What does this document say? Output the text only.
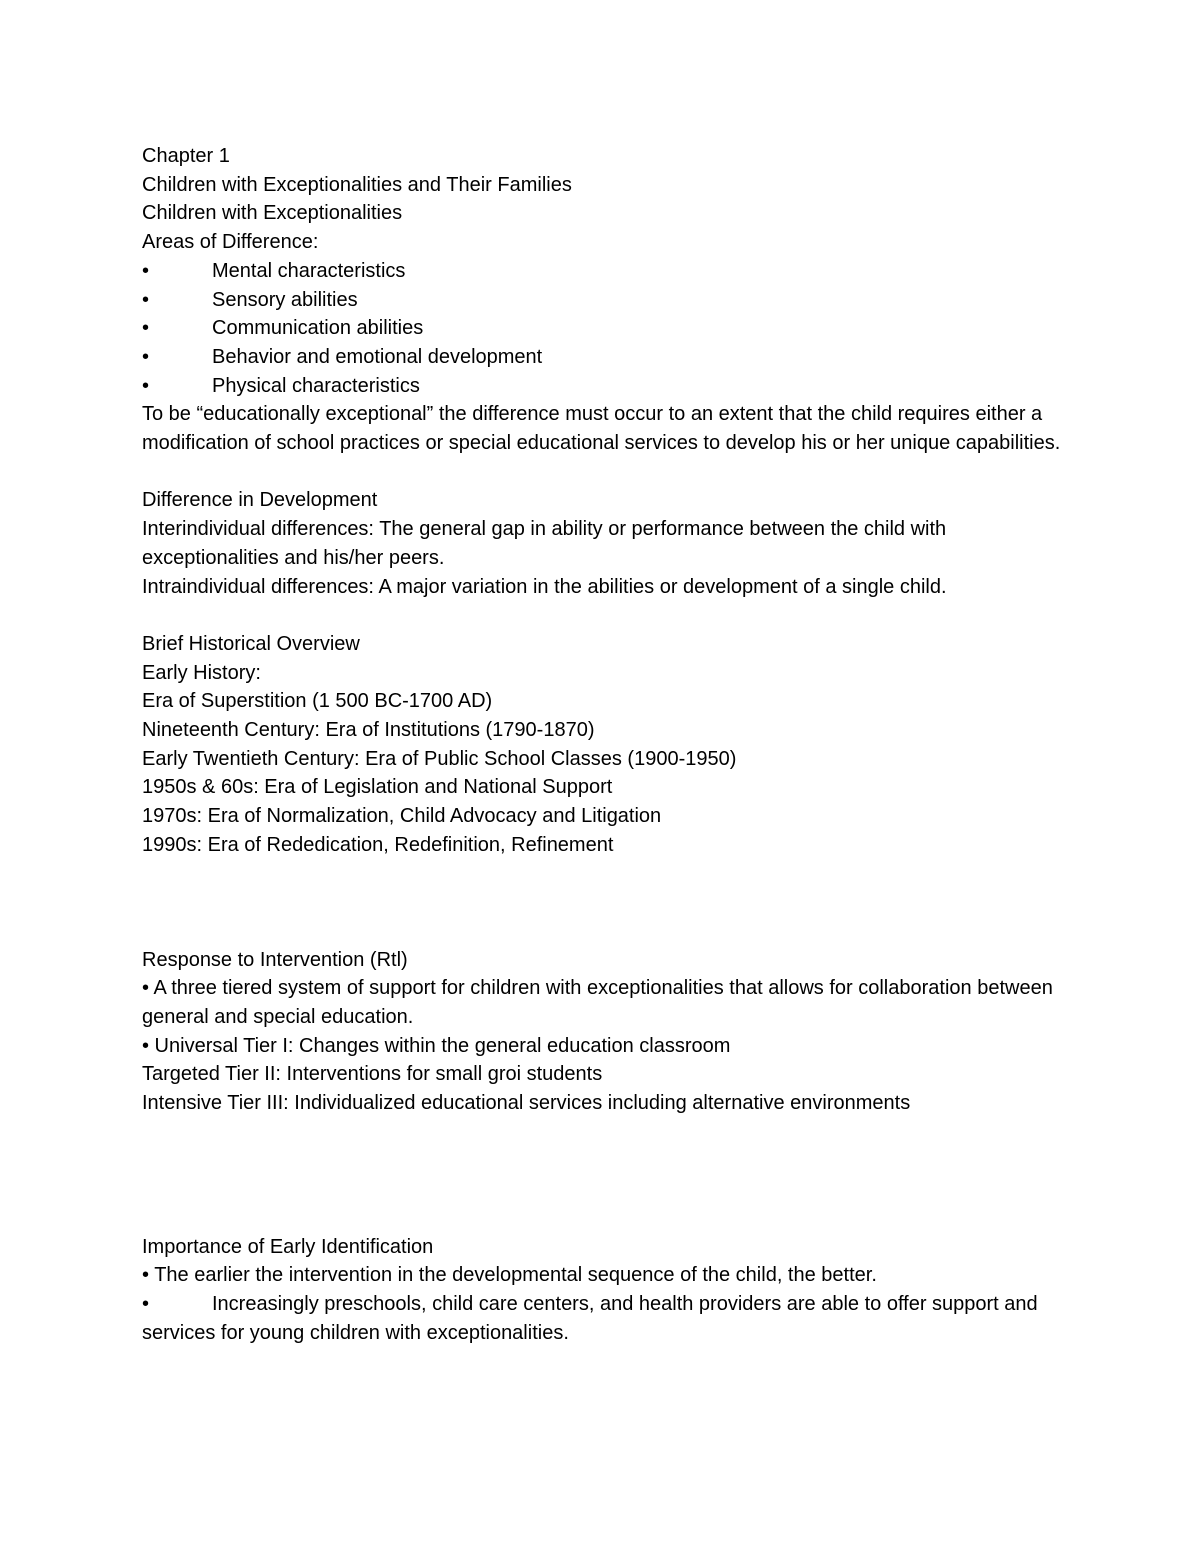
Chapter 1

Children with Exceptionalities and Their Families

Children with Exceptionalities

Areas of Difference:

•	Mental characteristics

•	Sensory abilities

•	Communication abilities

•	Behavior and emotional development

•	Physical characteristics

To be “educationally exceptional” the difference must occur to an extent that the child requires either a modification of school practices or special educational services to develop his or her unique capabilities.

Difference in Development

Interindividual differences: The general gap in ability or performance between the child with exceptionalities and his/her peers.

Intraindividual differences: A major variation in the abilities or development of a single child.

Brief Historical Overview

Early History:

Era of Superstition (1 500 BC-1700 AD)

Nineteenth Century: Era of Institutions (1790-1870)

Early Twentieth Century: Era of Public School Classes (1900-1950)

1950s & 60s: Era of Legislation and National Support

1970s: Era of Normalization, Child Advocacy and Litigation

1990s: Era of Rededication, Redefinition, Refinement

Response to Intervention (Rtl)

• A three tiered system of support for children with exceptionalities that allows for collaboration between general and special education.

• Universal Tier I: Changes within the general education classroom

Targeted Tier II: Interventions for small groi students

Intensive Tier III: Individualized educational services including alternative environments

Importance of Early Identification

• The earlier the intervention in the developmental sequence of the child, the better.

•	Increasingly preschools, child care centers, and health providers are able to offer support and services for young children with exceptionalities.
